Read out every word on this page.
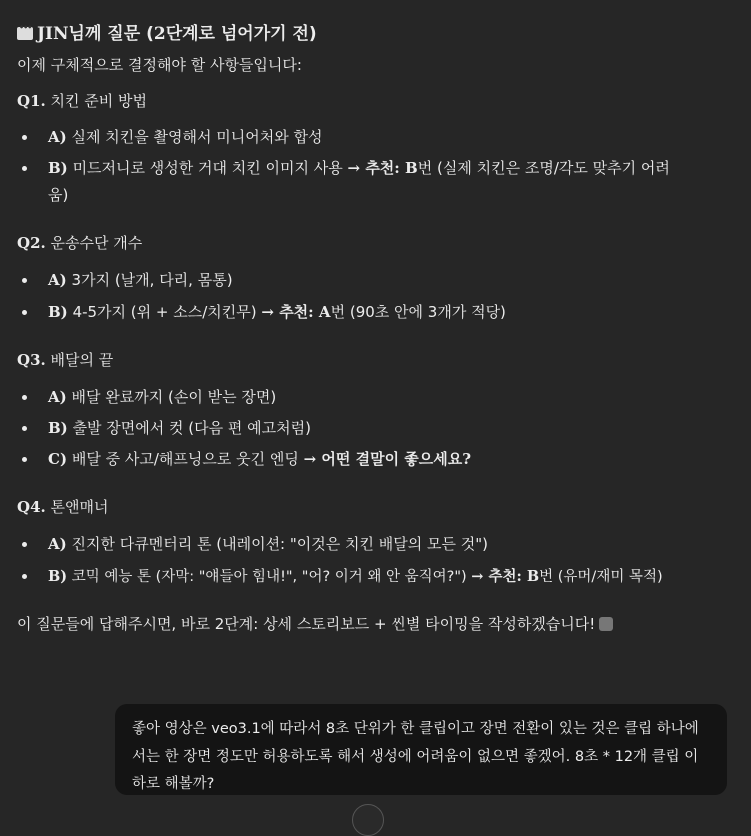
•••JIN님께 질문 (2단계로 넘어가기 전)
이제 구체적으로 결정해야 할 사항들입니다:
Q1. 치킨 준비 방법
A) 실제 치킨을 촬영해서 미니어처와 합성
B) 미드저니로 생성한 거대 치킨 이미지 사용 → 추천: B번 (실제 치킨은 조명/각도 맞추기 어려
움)
Q2. 운송수단 개수
A) 3가지 (날개, 다리, 몸통)
B) 4-5가지 (위 + 소스/치킨무) → 추천: A번 (90초 안에 3개가 적당)
Q3. 배달의 끝
A) 배달 완료까지 (손이 받는 장면)
B) 출발 장면에서 컷 (다음 편 예고처럼)
C) 배달 중 사고/해프닝으로 웃긴 엔딩 → 어떤 결말이 좋으세요?
Q4. 톤앤매너
A) 진지한 다큐멘터리 톤 (내레이션: "이것은 치킨 배달의 모든 것")
B) 코믹 예능 톤 (자막: "얘들아 힘내!", "어? 이거 왜 안 움직여?") → 추천: B번 (유머/재미 목적)
이 질문들에 답해주시면, 바로 2단계: 상세 스토리보드 + 씬별 타이밍을 작성하겠습니다!
좋아 영상은 veo3.1에 따라서 8초 단위가 한 클립이고 장면 전환이 있는 것은 클립 하나에서는 한 장면 정도만 허용하도록 해서 생성에 어려움이 없으면 좋겠어. 8초 * 12개 클립 이하로 해볼까?
